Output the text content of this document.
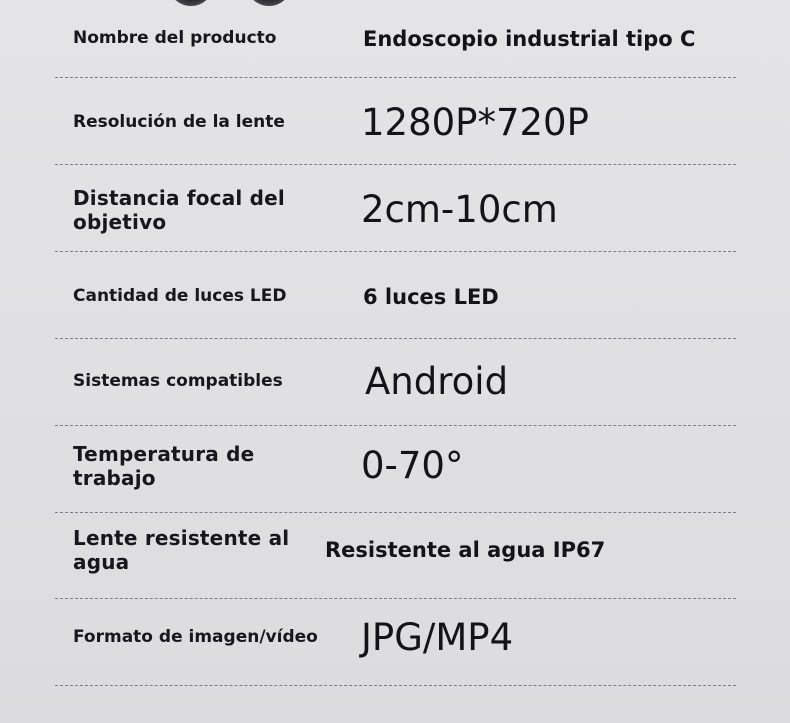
Nombre del producto	Endoscopio industrial tipo C
Resolución de la lente	1280P*720P
Distancia focal del objetivo	2cm-10cm
Cantidad de luces LED	6 luces LED
Sistemas compatibles	Android
Temperatura de trabajo	0-70°
Lente resistente al agua	Resistente al agua IP67
Formato de imagen/vídeo	JPG/MP4
